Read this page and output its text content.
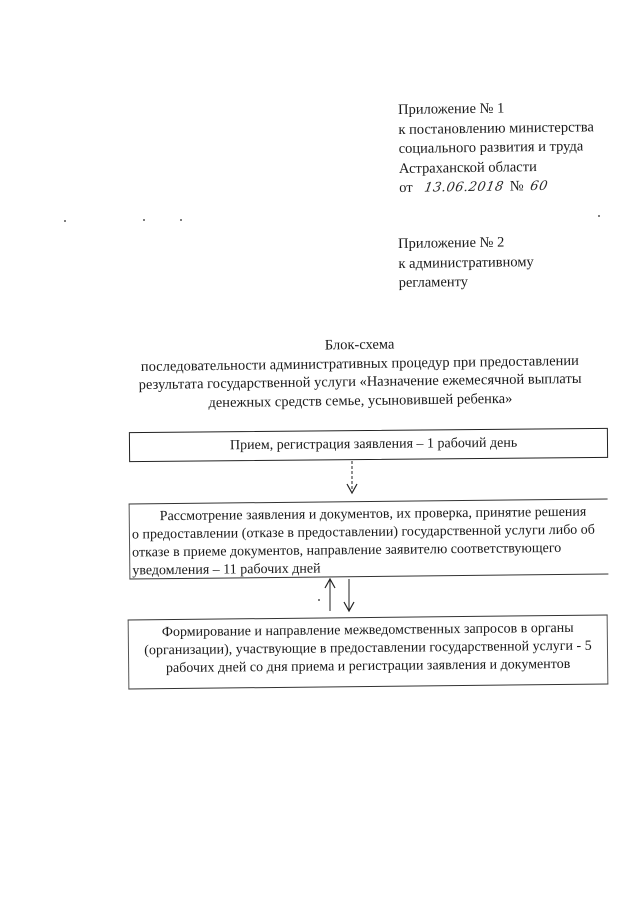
Приложение № 1
к постановлению министерства
социального развития и труда
Астраханской области
от 13.06.2018 № 60
Приложение № 2
к административному
регламенту
Блок-схема
последовательности административных процедур при предоставлении
результата государственной услуги «Назначение ежемесячной выплаты
денежных средств семье, усыновившей ребенка»
Прием, регистрация заявления – 1 рабочий день
Рассмотрение заявления и документов, их проверка, принятие решения
о предоставлении (отказе в предоставлении) государственной услуги либо об
отказе в приеме документов, направление заявителю соответствующего
уведомления – 11 рабочих дней
Формирование и направление межведомственных запросов в органы
(организации), участвующие в предоставлении государственной услуги - 5
рабочих дней со дня приема и регистрации заявления и документов
